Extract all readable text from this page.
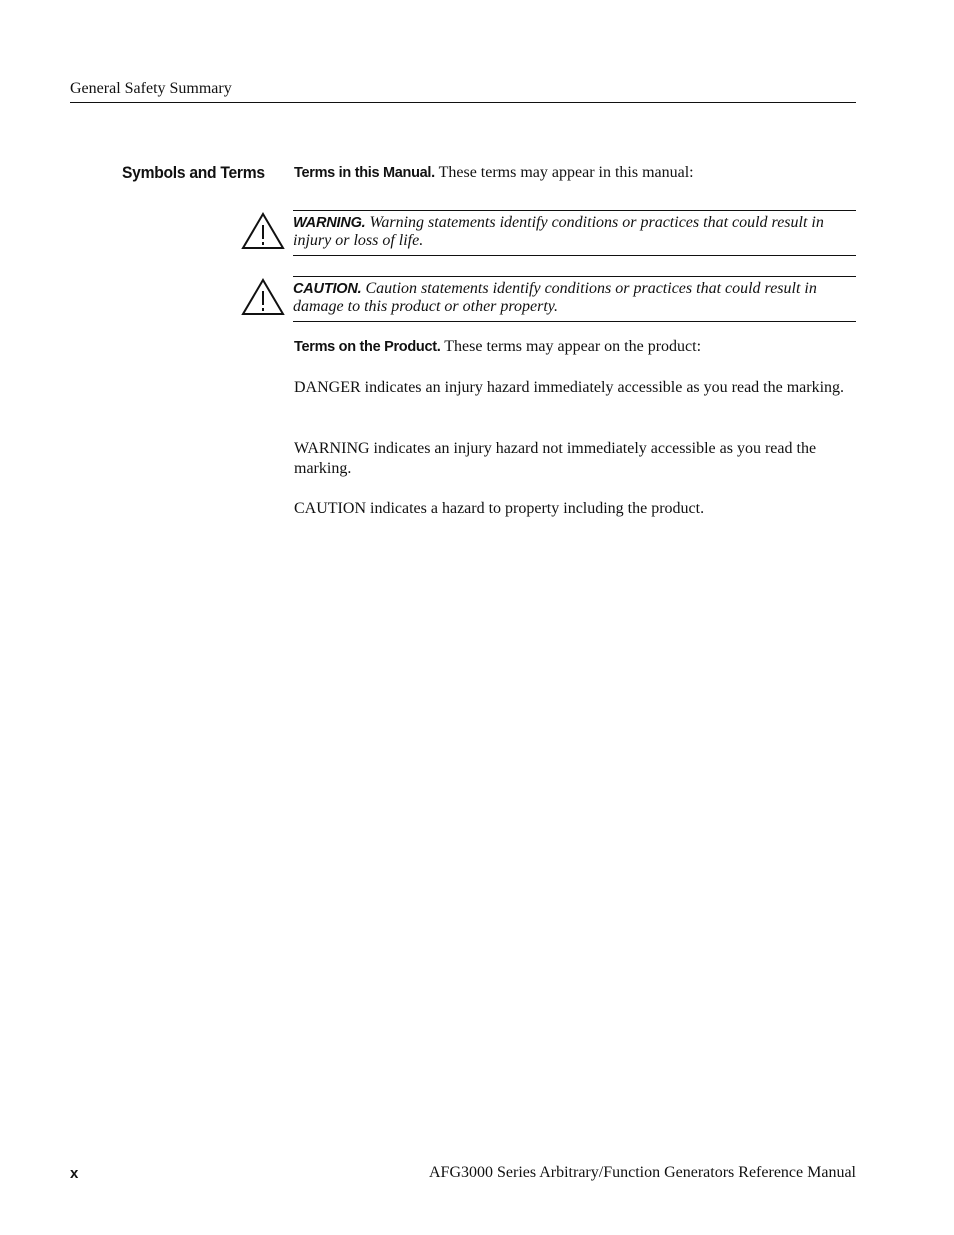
General Safety Summary
Symbols and Terms Terms in this Manual. These terms may appear in this manual:
WARNING. Warning statements identify conditions or practices that could result in injury or loss of life.
CAUTION. Caution statements identify conditions or practices that could result in damage to this product or other property.
Terms on the Product. These terms may appear on the product:
DANGER indicates an injury hazard immediately accessible as you read the marking.
WARNING indicates an injury hazard not immediately accessible as you read the marking.
CAUTION indicates a hazard to property including the product.
x	AFG3000 Series Arbitrary/Function Generators Reference Manual
